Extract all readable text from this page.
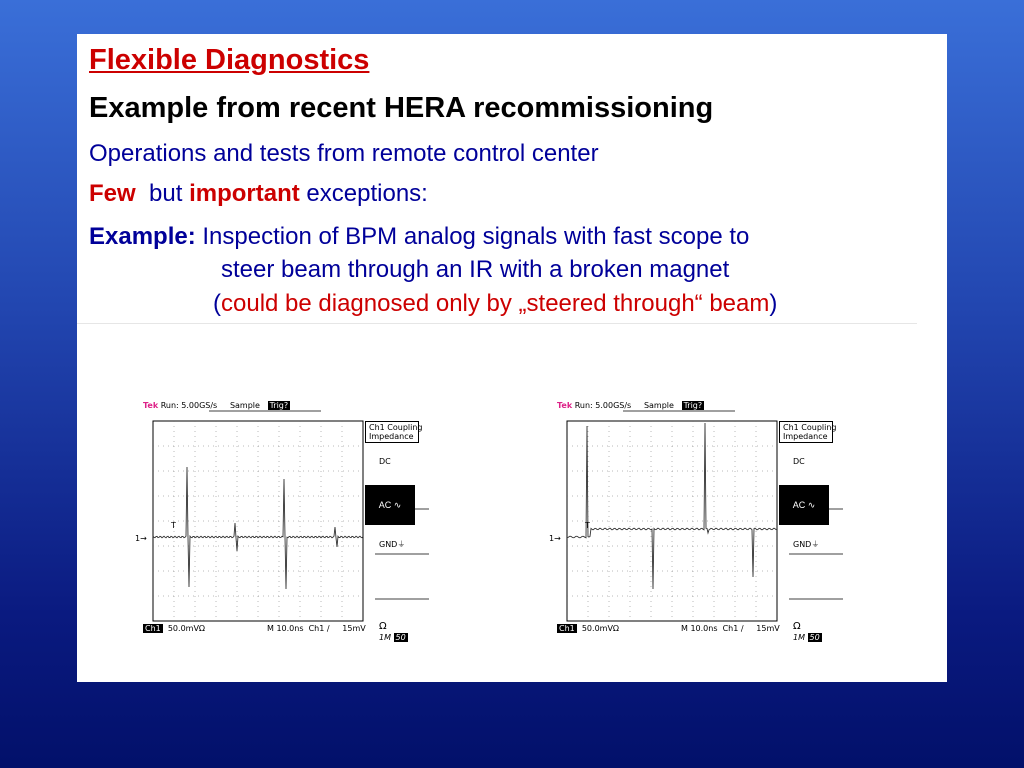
Flexible Diagnostics
Example from recent HERA recommissioning
Operations and tests from remote control center
Few but important exceptions:
Example: Inspection of BPM analog signals with fast scope to
steer beam through an IR with a broken magnet
(could be diagnosed only by „steered through“ beam)
Tek Run: 5.00GS/s Sample Trig?
Ch1 Coupling
Impedance
DC
AC ∿
GND⏚
Ω
1M 50
Ch1 50.0mVΩ	M 10.0ns Ch1 ∕ 15mV
1→
T
Tek Run: 5.00GS/s Sample Trig?
Ch1 Coupling
Impedance
DC
AC ∿
GND⏚
Ω
1M 50
Ch1 50.0mVΩ	M 10.0ns Ch1 ∕ 15mV
1→
T
